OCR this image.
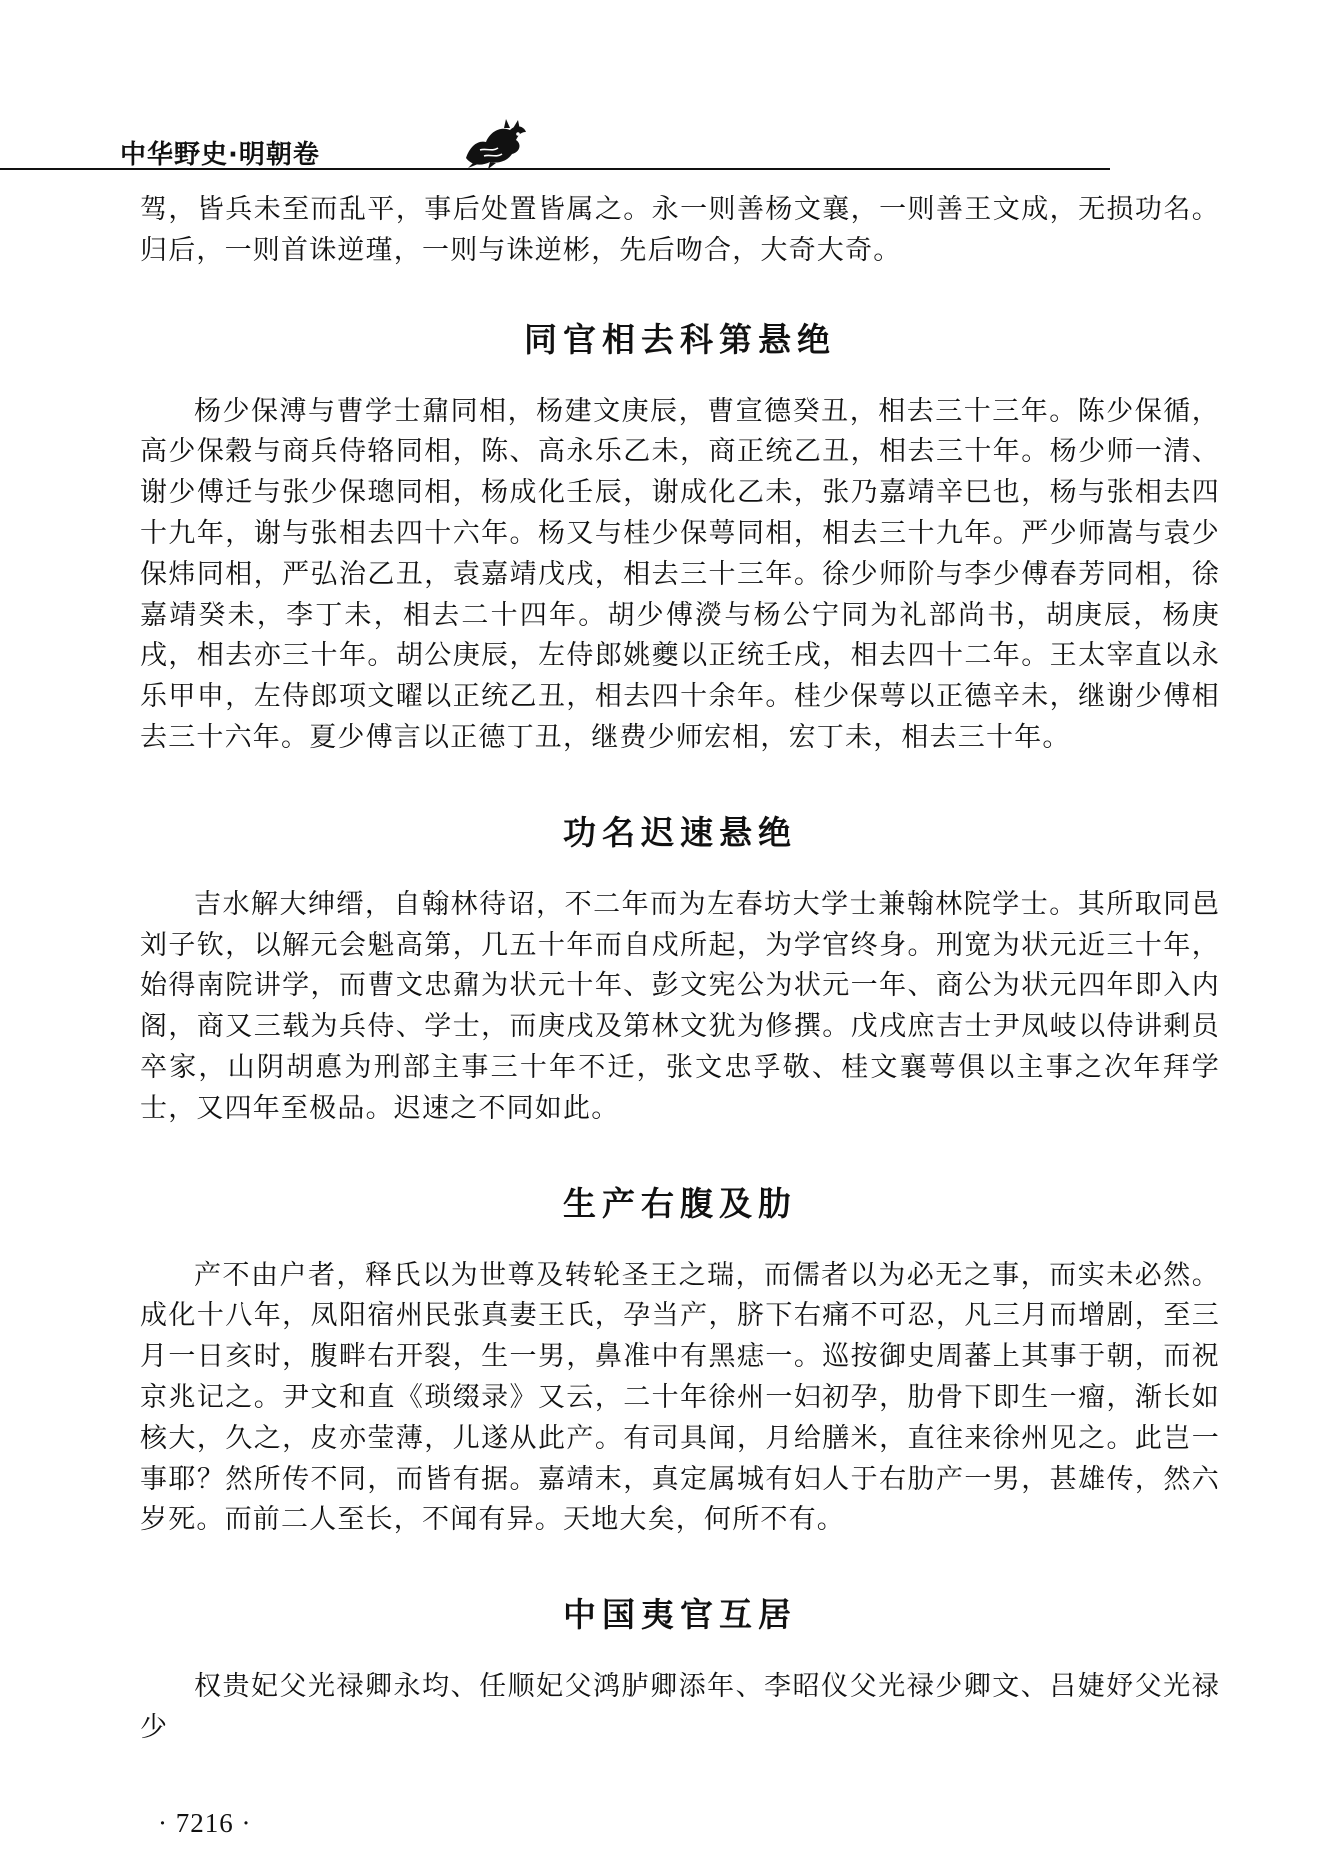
中华野史·明朝卷

驾，皆兵未至而乱平，事后处置皆属之。永一则善杨文襄，一则善王文成，无损功名。归后，一则首诛逆瑾，一则与诛逆彬，先后吻合，大奇大奇。

同官相去科第悬绝

杨少保溥与曹学士鼐同相，杨建文庚辰，曹宣德癸丑，相去三十三年。陈少保循，高少保穀与商兵侍辂同相，陈、高永乐乙未，商正统乙丑，相去三十年。杨少师一清、谢少傅迁与张少保璁同相，杨成化壬辰，谢成化乙未，张乃嘉靖辛巳也，杨与张相去四十九年，谢与张相去四十六年。杨又与桂少保萼同相，相去三十九年。严少师嵩与袁少保炜同相，严弘治乙丑，袁嘉靖戊戌，相去三十三年。徐少师阶与李少傅春芳同相，徐嘉靖癸未，李丁未，相去二十四年。胡少傅濙与杨公宁同为礼部尚书，胡庚辰，杨庚戌，相去亦三十年。胡公庚辰，左侍郎姚夔以正统壬戌，相去四十二年。王太宰直以永乐甲申，左侍郎项文曜以正统乙丑，相去四十余年。桂少保萼以正德辛未，继谢少傅相去三十六年。夏少傅言以正德丁丑，继费少师宏相，宏丁未，相去三十年。

功名迟速悬绝

吉水解大绅缙，自翰林待诏，不二年而为左春坊大学士兼翰林院学士。其所取同邑刘子钦，以解元会魁高第，几五十年而自戍所起，为学官终身。刑宽为状元近三十年，始得南院讲学，而曹文忠鼐为状元十年、彭文宪公为状元一年、商公为状元四年即入内阁，商又三载为兵侍、学士，而庚戌及第林文犹为修撰。戊戌庶吉士尹凤岐以侍讲剩员卒家，山阴胡悳为刑部主事三十年不迁，张文忠孚敬、桂文襄萼俱以主事之次年拜学士，又四年至极品。迟速之不同如此。

生产右腹及肋

产不由户者，释氏以为世尊及转轮圣王之瑞，而儒者以为必无之事，而实未必然。成化十八年，凤阳宿州民张真妻王氏，孕当产，脐下右痛不可忍，凡三月而增剧，至三月一日亥时，腹畔右开裂，生一男，鼻准中有黑痣一。巡按御史周蕃上其事于朝，而祝京兆记之。尹文和直《琐缀录》又云，二十年徐州一妇初孕，肋骨下即生一瘤，渐长如核大，久之，皮亦莹薄，儿遂从此产。有司具闻，月给膳米，直往来徐州见之。此岂一事耶？然所传不同，而皆有据。嘉靖末，真定属城有妇人于右肋产一男，甚雄传，然六岁死。而前二人至长，不闻有异。天地大矣，何所不有。

中国夷官互居

权贵妃父光禄卿永均、任顺妃父鸿胪卿添年、李昭仪父光禄少卿文、吕婕妤父光禄少

· 7216 ·
